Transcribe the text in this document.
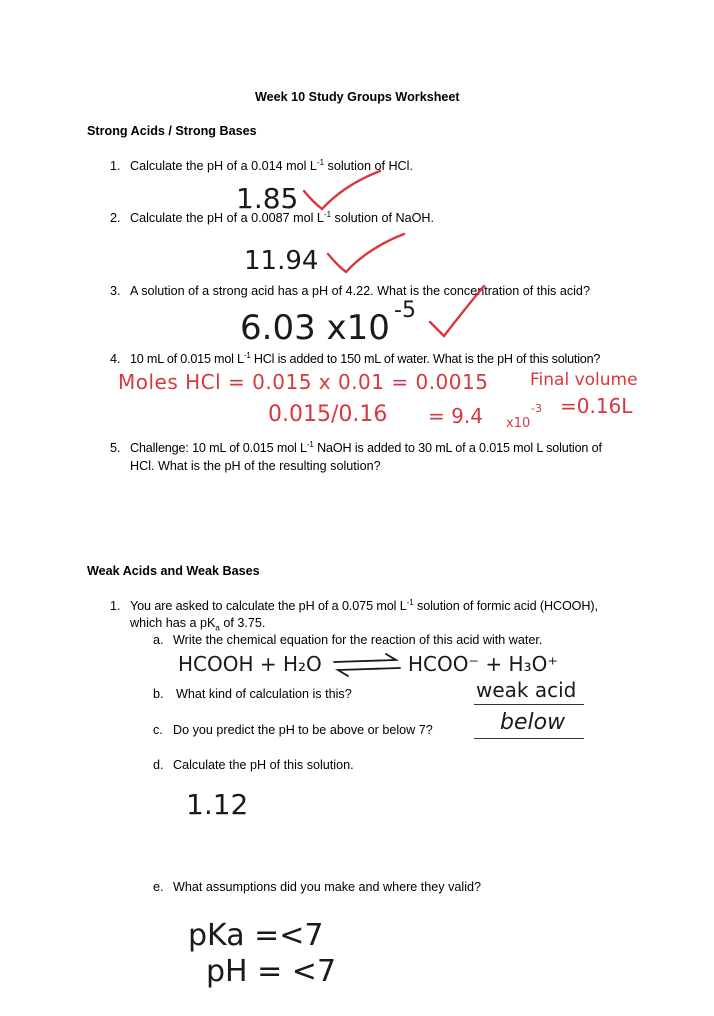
Week 10 Study Groups Worksheet
Strong Acids / Strong Bases
1. Calculate the pH of a 0.014 mol $L^{-1}$ solution of HCl.
1.85
2. Calculate the pH of a 0.0087 mol $L^{-1}$ solution of NaOH.
11.94
3. A solution of a strong acid has a pH of 4.22. What is the concentration of this acid?
6.03 x10 -5
4. 10 mL of 0.015 mol $L^{-1}$ HCl is added to 150 mL of water. What is the pH of this solution?
Moles HCl = 0.015 x 0.01 = 0.0015 Final volume
0.015/0.16 = 9.4 x10
-3 =0.16L
5. Challenge: 10 mL of 0.015 mol $L^{-1}$ NaOH is added to 30 mL of a 0.015 mol L solution of
HCl. What is the pH of the resulting solution?
Weak Acids and Weak Bases
1. You are asked to calculate the pH of a 0.075 mol $L^{-1}$ solution of formic acid (HCOOH),
which has a $pK_a$ of 3.75.
a. Write the chemical equation for the reaction of this acid with water.
HCOOH + H₂O	HCOO⁻ + H₃O⁺
b. What kind of calculation is this?	weak acid
c. Do you predict the pH to be above or below 7?	below
d. Calculate the pH of this solution.
1.12
e. What assumptions did you make and where they valid?
pKa =<7
pH = <7
